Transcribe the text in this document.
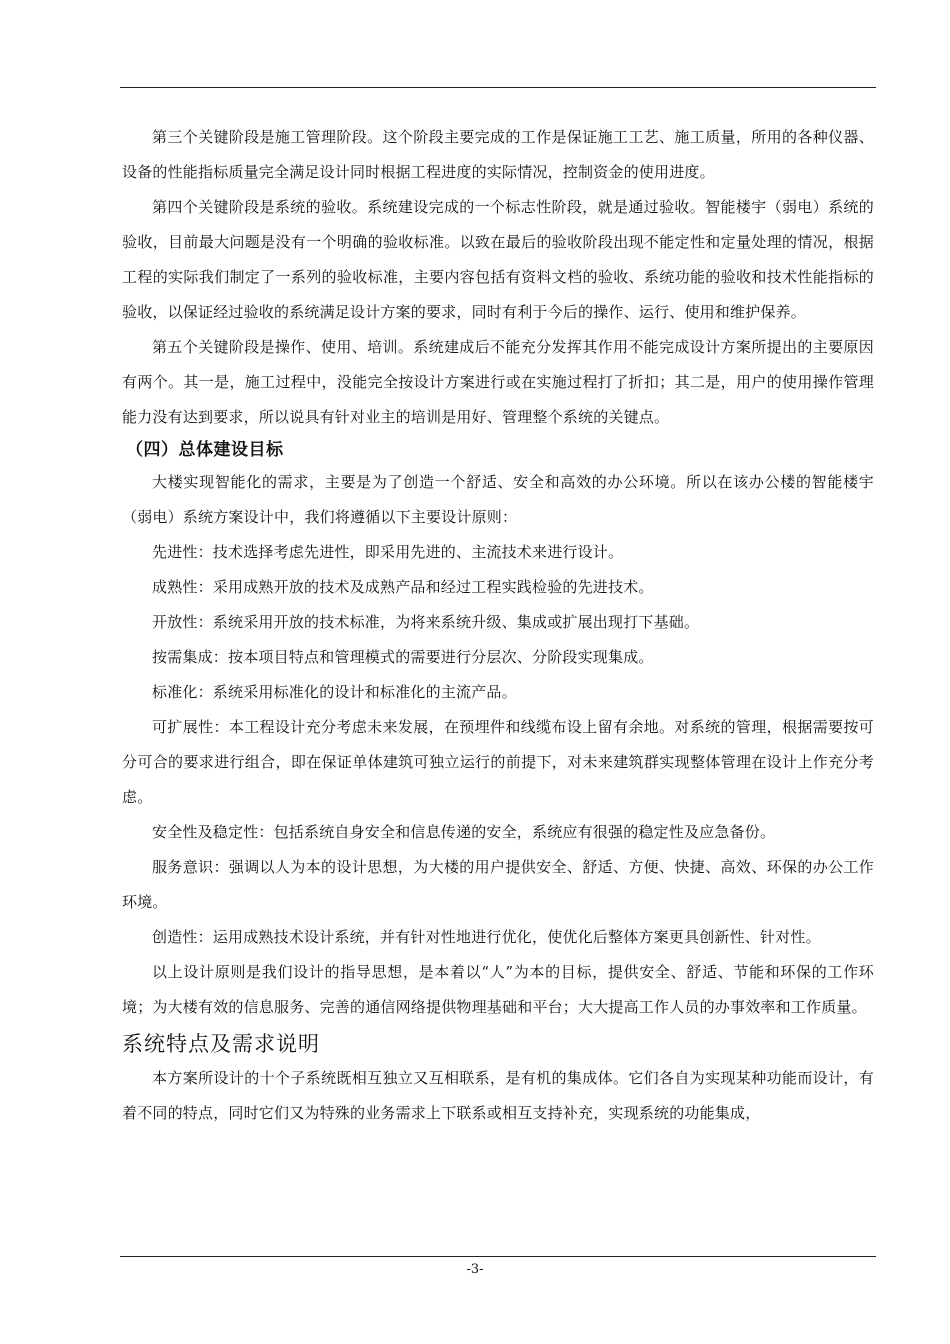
第三个关键阶段是施工管理阶段。这个阶段主要完成的工作是保证施工工艺、施工质量，所用的各种仪器、设备的性能指标质量完全满足设计同时根据工程进度的实际情况，控制资金的使用进度。

第四个关键阶段是系统的验收。系统建设完成的一个标志性阶段，就是通过验收。智能楼宇（弱电）系统的验收，目前最大问题是没有一个明确的验收标准。以致在最后的验收阶段出现不能定性和定量处理的情况，根据工程的实际我们制定了一系列的验收标准，主要内容包括有资料文档的验收、系统功能的验收和技术性能指标的验收，以保证经过验收的系统满足设计方案的要求，同时有利于今后的操作、运行、使用和维护保养。

第五个关键阶段是操作、使用、培训。系统建成后不能充分发挥其作用不能完成设计方案所提出的主要原因有两个。其一是，施工过程中，没能完全按设计方案进行或在实施过程打了折扣；其二是，用户的使用操作管理能力没有达到要求，所以说具有针对业主的培训是用好、管理整个系统的关键点。

（四）总体建设目标

大楼实现智能化的需求，主要是为了创造一个舒适、安全和高效的办公环境。所以在该办公楼的智能楼宇（弱电）系统方案设计中，我们将遵循以下主要设计原则：

先进性：技术选择考虑先进性，即采用先进的、主流技术来进行设计。

成熟性：采用成熟开放的技术及成熟产品和经过工程实践检验的先进技术。

开放性：系统采用开放的技术标准，为将来系统升级、集成或扩展出现打下基础。

按需集成：按本项目特点和管理模式的需要进行分层次、分阶段实现集成。

标准化：系统采用标准化的设计和标准化的主流产品。

可扩展性：本工程设计充分考虑未来发展，在预埋件和线缆布设上留有余地。对系统的管理，根据需要按可分可合的要求进行组合，即在保证单体建筑可独立运行的前提下，对未来建筑群实现整体管理在设计上作充分考虑。

安全性及稳定性：包括系统自身安全和信息传递的安全，系统应有很强的稳定性及应急备份。

服务意识：强调以人为本的设计思想，为大楼的用户提供安全、舒适、方便、快捷、高效、环保的办公工作环境。

创造性：运用成熟技术设计系统，并有针对性地进行优化，使优化后整体方案更具创新性、针对性。

以上设计原则是我们设计的指导思想，是本着以“人”为本的目标，提供安全、舒适、节能和环保的工作环境；为大楼有效的信息服务、完善的通信网络提供物理基础和平台；大大提高工作人员的办事效率和工作质量。

系统特点及需求说明

本方案所设计的十个子系统既相互独立又互相联系，是有机的集成体。它们各自为实现某种功能而设计，有着不同的特点，同时它们又为特殊的业务需求上下联系或相互支持补充，实现系统的功能集成，

-3-
